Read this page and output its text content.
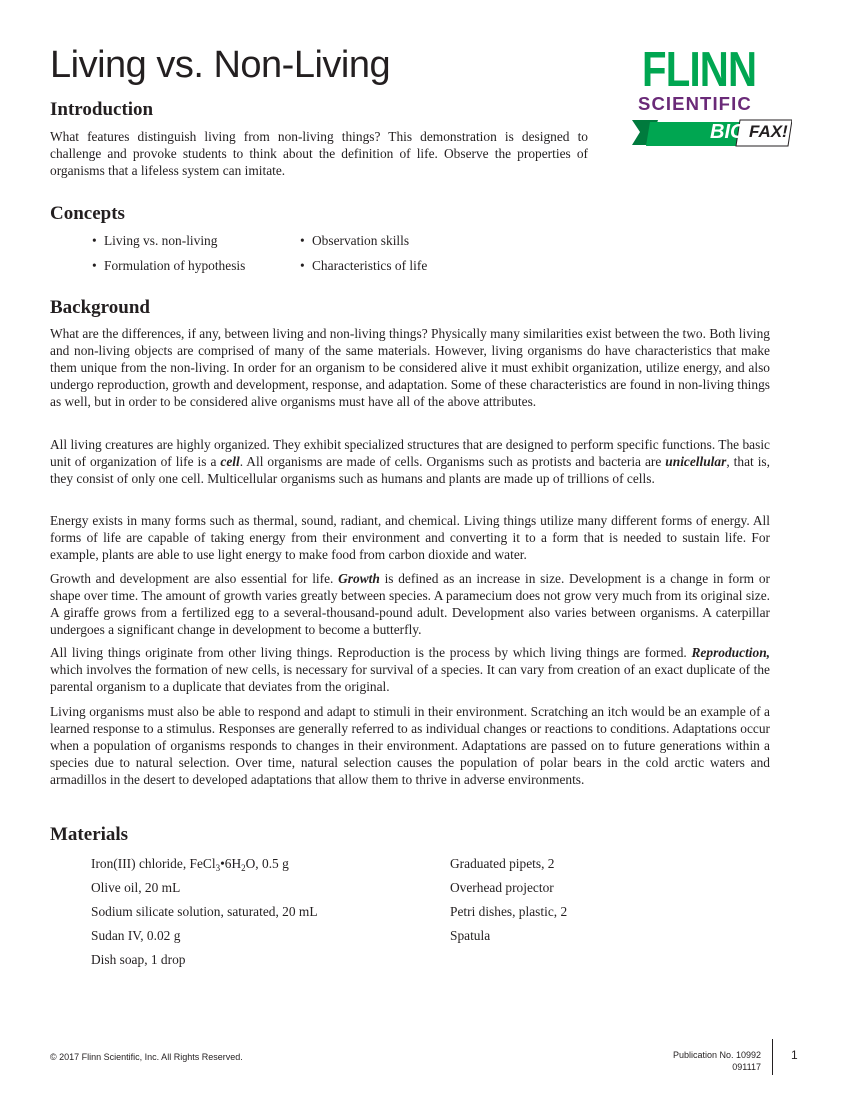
Living vs. Non-Living	FLINN

SCIENTIFIC

BIO FAX!

Introduction

What features distinguish living from non-living things? This demonstration is designed to challenge and provoke students to think about the definition of life. Observe the properties of organisms that a lifeless system can imitate.

Concepts

• Living vs. non-living	• Observation skills

• Formulation of hypothesis	• Characteristics of life

Background

What are the differences, if any, between living and non-living things? Physically many similarities exist between the two. Both living and non-living objects are comprised of many of the same materials. However, living organisms do have characteristics that make them unique from the non-living. In order for an organism to be considered alive it must exhibit organization, utilize energy, and also undergo reproduction, growth and development, response, and adaptation. Some of these characteristics are found in non-living things as well, but in order to be considered alive organisms must have all of the above attributes.

All living creatures are highly organized. They exhibit specialized structures that are designed to perform specific functions. The basic unit of organization of life is a cell. All organisms are made of cells. Organisms such as protists and bacteria are unicellular, that is, they consist of only one cell. Multicellular organisms such as humans and plants are made up of trillions of cells.

Energy exists in many forms such as thermal, sound, radiant, and chemical. Living things utilize many different forms of energy. All forms of life are capable of taking energy from their environment and converting it to a form that is needed to sustain life. For example, plants are able to use light energy to make food from carbon dioxide and water.

Growth and development are also essential for life. Growth is defined as an increase in size. Development is a change in form or shape over time. The amount of growth varies greatly between species. A paramecium does not grow very much from its original size. A giraffe grows from a fertilized egg to a several-thousand-pound adult. Development also varies between organisms. A caterpillar undergoes a significant change in development to become a butterfly.

All living things originate from other living things. Reproduction is the process by which living things are formed. Reproduction, which involves the formation of new cells, is necessary for survival of a species. It can vary from creation of an exact duplicate of the parental organism to a duplicate that deviates from the original.

Living organisms must also be able to respond and adapt to stimuli in their environment. Scratching an itch would be an example of a learned response to a stimulus. Responses are generally referred to as individual changes or reactions to conditions. Adaptations occur when a population of organisms responds to changes in their environment. Adaptations are passed on to future generations within a species due to natural selection. Over time, natural selection causes the population of polar bears in the cold arctic waters and armadillos in the desert to developed adaptations that allow them to thrive in adverse environments.

Materials

Iron(III) chloride, $FeCl_3•6H_2O$, 0.5 g

Olive oil, 20 mL

Sodium silicate solution, saturated, 20 mL

Sudan IV, 0.02 g

Dish soap, 1 drop

Graduated pipets, 2

Overhead projector

Petri dishes, plastic, 2

Spatula

© 2017 Flinn Scientific, Inc. All Rights Reserved.	Publication No. 10992
091117

1
